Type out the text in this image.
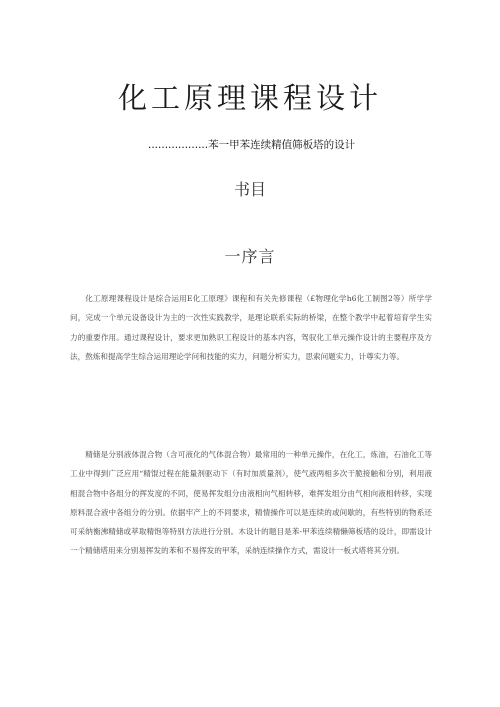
化工原理课程设计
..................苯一甲苯连续精值筛板塔的设计
书目
一序言

化工原理课程设计是综合运用E化工原理》课程和有关先修课程（£物理化学h6化工制图2等）所学学问，完成一个单元设备设计为主的一次性实践教学，是理论联系实际的桥梁，在整个教学中起着培育学生实力的重要作用。通过课程设计，要求更加熟识工程设计的基本内容，驾驭化工单元操作设计的主要程序及方法，熬炼和提高学生综合运用理论学问和技能的实力，问题分析实力，思索问题实力，计尊实力等。

精储是分别液体混合物（含可液化的气体混合物）最常用的一种单元操作，在化工，炼油，石油化工等工业中得到广泛应用“精馄过程在能量剂驱动下（有时加质量剂），使气液两相多次干脆接触和分别，利用液相混合物中各组分的挥发度的不同，使易挥发组分由液相向气相转移，难挥发组分由气相向液相转移，实现原料混合液中各组分的分别。依据牢产上的不同要求，精情操作可以是连续的或间歇的，有些特别的物系还可采纳衡沸精储或萃取精饱等特别方法进行分别。木设计的题目是苯-甲苯连续精懒筛板塔的设计，即需设计一个精储塔用来分别易挥发的苯和不易挥发的甲苯，采纳连续操作方式，需设计一板式塔将其分别。
